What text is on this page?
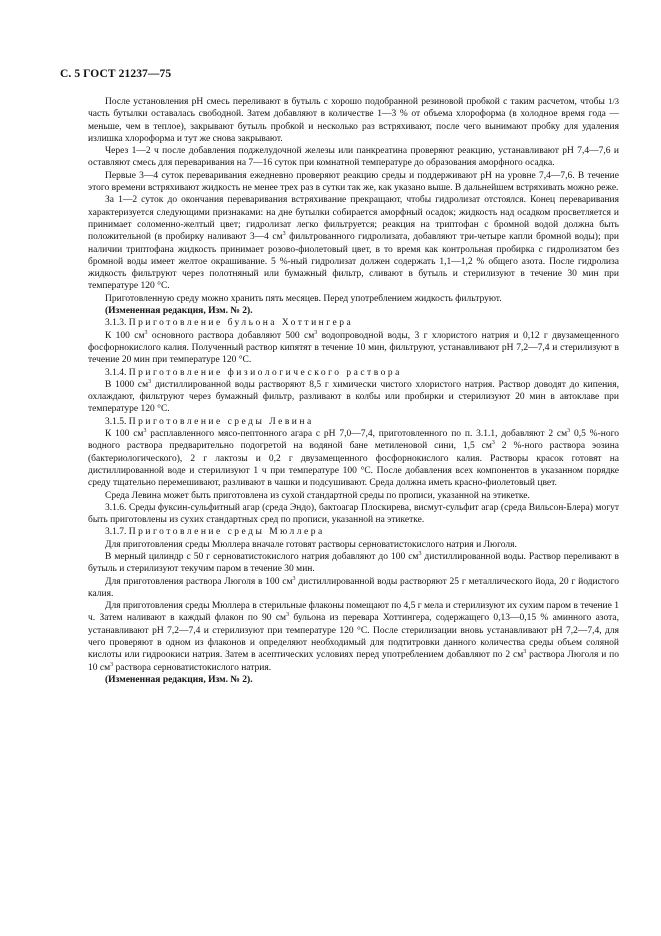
С. 5 ГОСТ 21237—75

После установления рН смесь переливают в бутыль с хорошо подобранной резиновой пробкой с таким расчетом, чтобы 1/3 часть бутылки оставалась свободной. Затем добавляют в количестве 1—3 % от объема хлороформа (в холодное время года — меньше, чем в теплое), закрывают бутыль пробкой и несколько раз встряхивают, после чего вынимают пробку для удаления излишка хлороформа и тут же снова закрывают.

Через 1—2 ч после добавления поджелудочной железы или панкреатина проверяют реакцию, устанавливают рН 7,4—7,6 и оставляют смесь для переваривания на 7—16 суток при комнатной температуре до образования аморфного осадка.

Первые 3—4 суток переваривания ежедневно проверяют реакцию среды и поддерживают рН на уровне 7,4—7,6. В течение этого времени встряхивают жидкость не менее трех раз в сутки так же, как указано выше. В дальнейшем встряхивать можно реже.

За 1—2 суток до окончания переваривания встряхивание прекращают, чтобы гидролизат отстоялся. Конец переваривания характеризуется следующими признаками: на дне бутылки собирается аморфный осадок; жидкость над осадком просветляется и принимает соломенно-желтый цвет; гидролизат легко фильтруется; реакция на триптофан с бромной водой должна быть положительной (в пробирку наливают 3—4 $см^3$ фильтрованного гидролизата, добавляют три-четыре капли бромной воды); при наличии триптофана жидкость принимает розово-фиолетовый цвет, в то время как контрольная пробирка с гидролизатом без бромной воды имеет желтое окрашивание. 5 %-ный гидролизат должен содержать 1,1—1,2 % общего азота. После гидролиза жидкость фильтруют через полотняный или бумажный фильтр, сливают в бутыль и стерилизуют в течение 30 мин при температуре 120 °С.

Приготовленную среду можно хранить пять месяцев. Перед употреблением жидкость фильтруют.

(Измененная редакция, Изм. № 2).

3.1.3. Приготовление бульона Хоттингера

К 100 $см^3$ основного раствора добавляют 500 $см^3$ водопроводной воды, 3 г хлористого натрия и 0,12 г двузамещенного фосфорнокислого калия. Полученный раствор кипятят в течение 10 мин, фильтруют, устанавливают рН 7,2—7,4 и стерилизуют в течение 20 мин при температуре 120 °С.

3.1.4. Приготовление физиологического раствора

В 1000 $см^3$ дистиллированной воды растворяют 8,5 г химически чистого хлористого натрия. Раствор доводят до кипения, охлаждают, фильтруют через бумажный фильтр, разливают в колбы или пробирки и стерилизуют 20 мин в автоклаве при температуре 120 °С.

3.1.5. Приготовление среды Левина

К 100 $см^3$ расплавленного мясо-пептонного агара с рН 7,0—7,4, приготовленного по п. 3.1.1, добавляют 2 $см^3$ 0,5 %-ного водного раствора предварительно подогретой на водяной бане метиленовой сини, 1,5 $см^3$ 2 %-ного раствора эозина (бактериологического), 2 г лактозы и 0,2 г двузамещенного фосфорнокислого калия. Растворы красок готовят на дистиллированной воде и стерилизуют 1 ч при температуре 100 °С. После добавления всех компонентов в указанном порядке среду тщательно перемешивают, разливают в чашки и подсушивают. Среда должна иметь красно-фиолетовый цвет.

Среда Левина может быть приготовлена из сухой стандартной среды по прописи, указанной на этикетке.

3.1.6. Среды фуксин-сульфитный агар (среда Эндо), бактоагар Плоскирева, висмут-сульфит агар (среда Вильсон-Блера) могут быть приготовлены из сухих стандартных сред по прописи, указанной на этикетке.

3.1.7. Приготовление среды Мюллера

Для приготовления среды Мюллера вначале готовят растворы серноватистокислого натрия и Люголя.

В мерный цилиндр с 50 г серноватистокислого натрия добавляют до 100 $см^3$ дистиллированной воды. Раствор переливают в бутыль и стерилизуют текучим паром в течение 30 мин.

Для приготовления раствора Люголя в 100 $см^3$ дистиллированной воды растворяют 25 г металлического йода, 20 г йодистого калия.

Для приготовления среды Мюллера в стерильные флаконы помещают по 4,5 г мела и стерилизуют их сухим паром в течение 1 ч. Затем наливают в каждый флакон по 90 $см^3$ бульона из перевара Хоттингера, содержащего 0,13—0,15 % аминного азота, устанавливают рН 7,2—7,4 и стерилизуют при температуре 120 °С. После стерилизации вновь устанавливают рН 7,2—7,4, для чего проверяют в одном из флаконов и определяют необходимый для подтитровки данного количества среды объем соляной кислоты или гидроокиси натрия. Затем в асептических условиях перед употреблением добавляют по 2 $см^3$ раствора Люголя и по 10 $см^3$ раствора серноватистокислого натрия.

(Измененная редакция, Изм. № 2).
